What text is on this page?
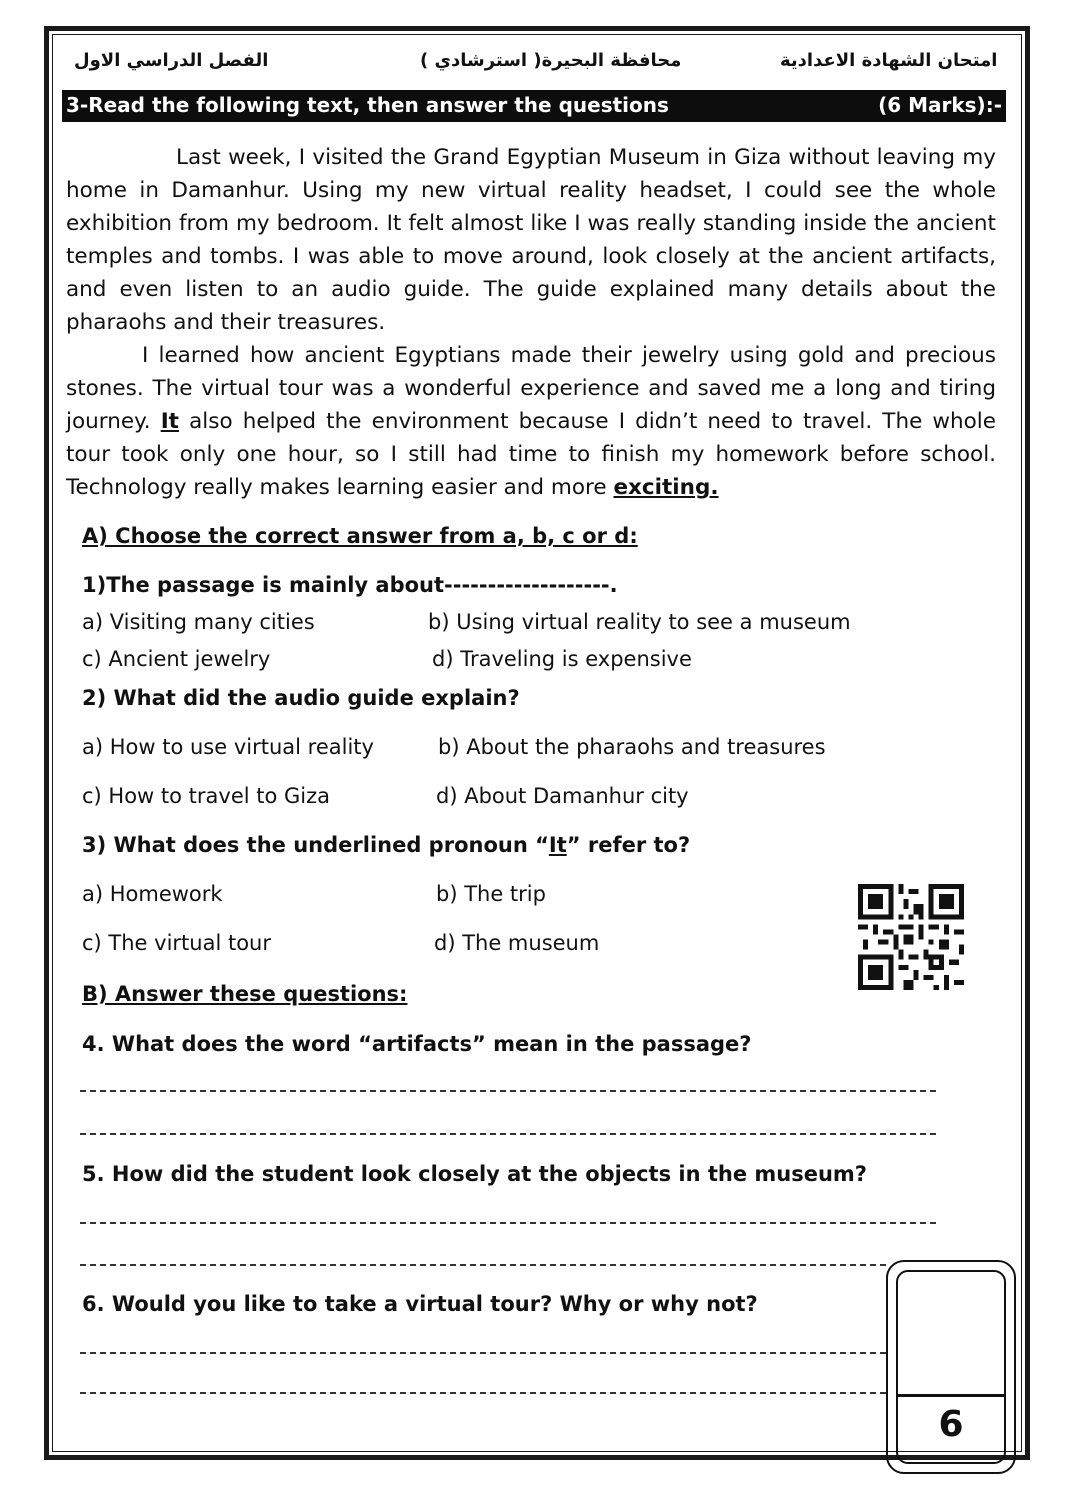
امتحان الشهادة الاعدادية
محافظة البحيرة( استرشادي )
الفصل الدراسي الاول
3-Read the following text, then answer the questions	(6 Marks):-

Last week, I visited the Grand Egyptian Museum in Giza without leaving my home in Damanhur. Using my new virtual reality headset, I could see the whole exhibition from my bedroom. It felt almost like I was really standing inside the ancient temples and tombs. I was able to move around, look closely at the ancient artifacts, and even listen to an audio guide. The guide explained many details about the pharaohs and their treasures.

I learned how ancient Egyptians made their jewelry using gold and precious stones. The virtual tour was a wonderful experience and saved me a long and tiring journey. It also helped the environment because I didn’t need to travel. The whole tour took only one hour, so I still had time to finish my homework before school. Technology really makes learning easier and more exciting.

A) Choose the correct answer from a, b, c or d:
1)The passage is mainly about-------------------.
a) Visiting many cities	b) Using virtual reality to see a museum
c) Ancient jewelry	d) Traveling is expensive
2) What did the audio guide explain?
a) How to use virtual reality	b) About the pharaohs and treasures
c) How to travel to Giza	d) About Damanhur city
3) What does the underlined pronoun “It” refer to?
a) Homework	b) The trip
c) The virtual tour	d) The museum
B) Answer these questions:
4. What does the word “artifacts” mean in the passage?
5. How did the student look closely at the objects in the museum?
6. Would you like to take a virtual tour? Why or why not?
6
